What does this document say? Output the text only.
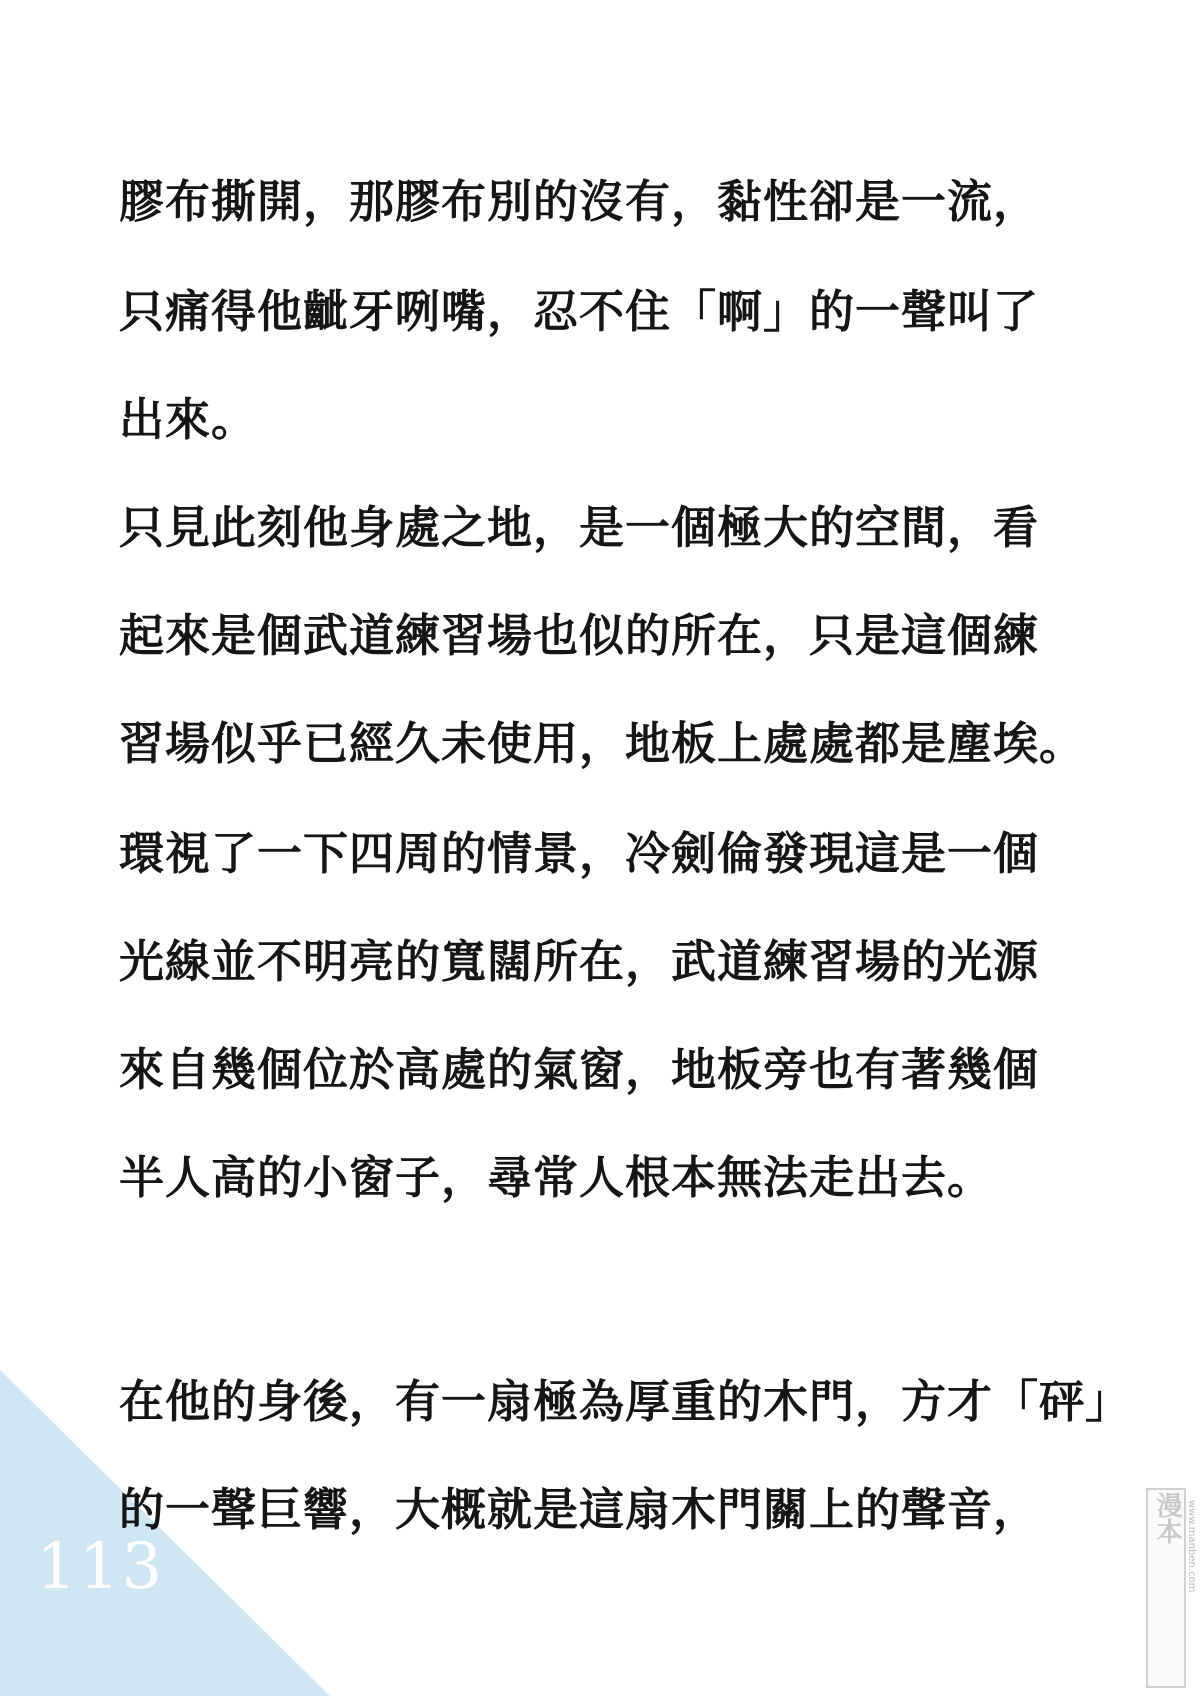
膠布撕開，那膠布別的沒有，黏性卻是一流，
只痛得他齜牙咧嘴，忍不住「啊」的一聲叫了
出來。
只見此刻他身處之地，是一個極大的空間，看
起來是個武道練習場也似的所在，只是這個練
習場似乎已經久未使用，地板上處處都是塵埃。
環視了一下四周的情景，冷劍倫發現這是一個
光線並不明亮的寬闊所在，武道練習場的光源
來自幾個位於高處的氣窗，地板旁也有著幾個
半人高的小窗子，尋常人根本無法走出去。
在他的身後，有一扇極為厚重的木門，方才「砰」
的一聲巨響，大概就是這扇木門關上的聲音，
113
漫本 www.manben.com
